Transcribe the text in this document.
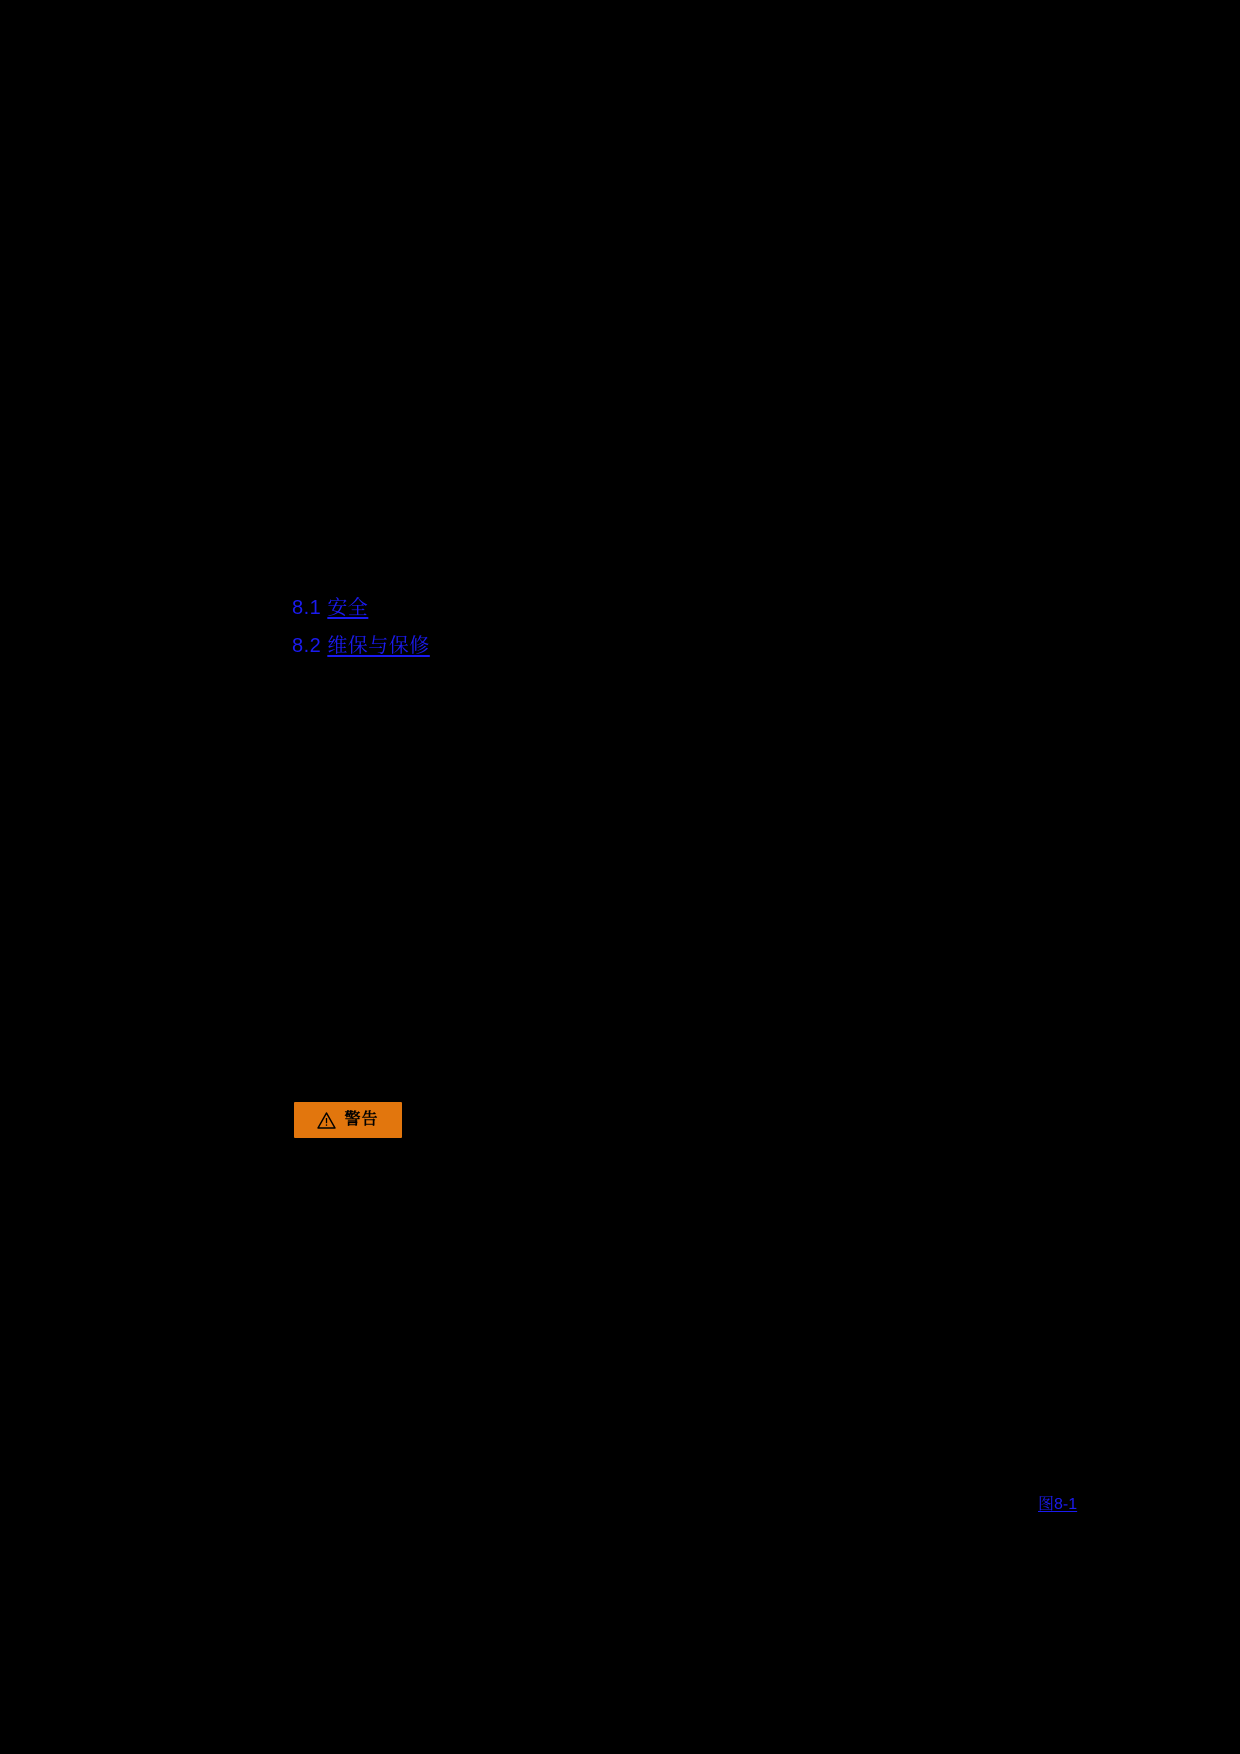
8.1 安全
8.2 维保与保修
警告
图8-1
